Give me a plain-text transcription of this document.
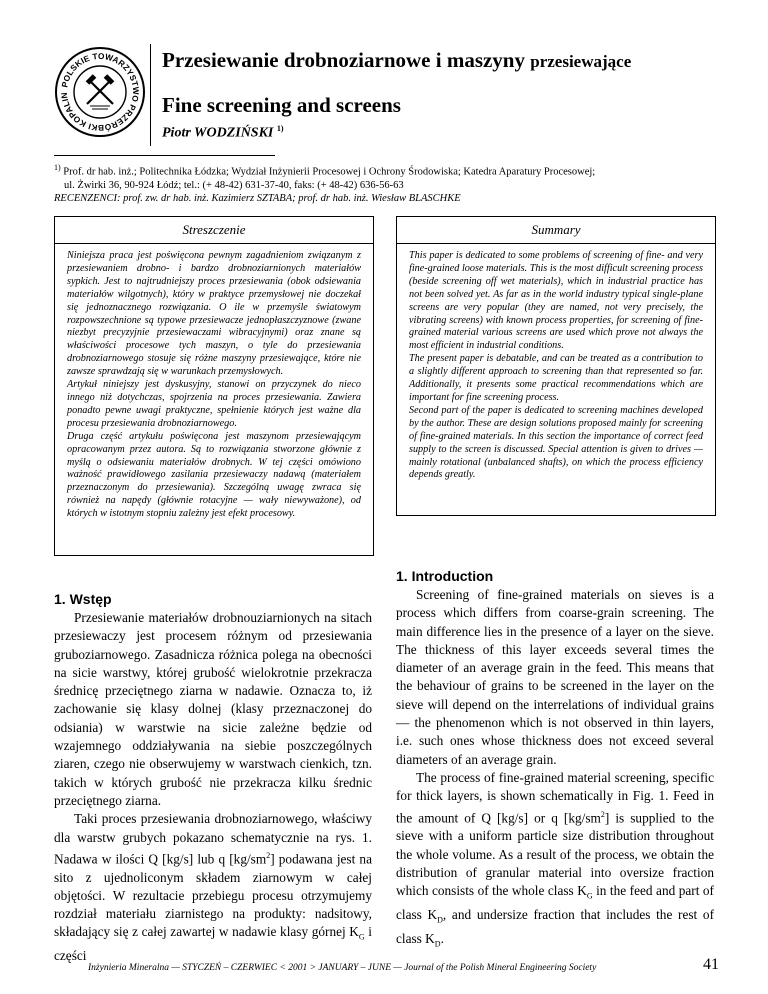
POLSKIE TOWARZYSTWO PRZERÓBKI KOPALIN
Przesiewanie drobnoziarnowe i maszyny przesiewające
Fine screening and screens
Piotr WODZIŃSKI $^{1)}$
$^{1)}$ Prof. dr hab. inż.; Politechnika Łódzka; Wydział Inżynierii Procesowej i Ochrony Środowiska; Katedra Aparatury Procesowej;
ul. Żwirki 36, 90-924 Łódź; tel.: (+ 48-42) 631-37-40, faks: (+ 48-42) 636-56-63
RECENZENCI: prof. zw. dr hab. inż. Kazimierz SZTABA; prof. dr hab. inż. Wiesław BLASCHKE
Streszczenie

Niniejsza praca jest poświęcona pewnym zagadnieniom związanym z przesiewaniem drobno- i bardzo drobnoziarnionych materiałów sypkich. Jest to najtrudniejszy proces przesiewania (obok odsiewania materiałów wilgotnych), który w praktyce przemysłowej nie doczekał się jednoznacznego rozwiązania. O ile w przemyśle światowym rozpowszechnione są typowe przesiewacze jednopłaszczyznowe (zwane niezbyt precyzyjnie przesiewaczami wibracyjnymi) oraz znane są właściwości procesowe tych maszyn, o tyle do przesiewania drobnoziarnowego stosuje się różne maszyny przesiewające, które nie zawsze sprawdzają się w warunkach przemysłowych.

Artykuł niniejszy jest dyskusyjny, stanowi on przyczynek do nieco innego niż dotychczas, spojrzenia na proces przesiewania. Zawiera ponadto pewne uwagi praktyczne, spełnienie których jest ważne dla procesu przesiewania drobnoziarnowego.

Druga część artykułu poświęcona jest maszynom przesiewającym opracowanym przez autora. Są to rozwiązania stworzone głównie z myślą o odsiewaniu materiałów drobnych. W tej części omówiono ważność prawidłowego zasilania przesiewaczy nadawą (materiałem przeznaczonym do przesiewania). Szczególną uwagę zwraca się również na napędy (głównie rotacyjne — wały niewyważone), od których w istotnym stopniu zależny jest efekt procesowy.

Summary

This paper is dedicated to some problems of screening of fine- and very fine-grained loose materials. This is the most difficult screening process (beside screening off wet materials), which in industrial practice has not been solved yet. As far as in the world industry typical single-plane screens are very popular (they are named, not very precisely, the vibrating screens) with known process properties, for screening of fine-grained material various screens are used which prove not always the most efficient in industrial conditions.

The present paper is debatable, and can be treated as a contribution to a slightly different approach to screening than that represented so far. Additionally, it presents some practical recommendations which are important for fine screening process.

Second part of the paper is dedicated to screening machines developed by the author. These are design solutions proposed mainly for screening of fine-grained materials. In this section the importance of correct feed supply to the screen is discussed. Special attention is given to drives — mainly rotational (unbalanced shafts), on which the process efficiency depends greatly.

1. Wstęp

Przesiewanie materiałów drobnouziarnionych na sitach przesiewaczy jest procesem różnym od przesiewania gruboziarnowego. Zasadnicza różnica polega na obecności na sicie warstwy, której grubość wielokrotnie przekracza średnicę przeciętnego ziarna w nadawie. Oznacza to, iż zachowanie się klasy dolnej (klasy przeznaczonej do odsiania) w warstwie na sicie zależne będzie od wzajemnego oddziaływania na siebie poszczególnych ziaren, czego nie obserwujemy w warstwach cienkich, tzn. takich w których grubość nie przekracza kilku średnic przeciętnego ziarna.

Taki proces przesiewania drobnoziarnowego, właściwy dla warstw grubych pokazano schematycznie na rys. 1. Nadawa w ilości Q [kg/s] lub q $[kg/sm^2]$ podawana jest na sito z ujednoliconym składem ziarnowym w całej objętości. W rezultacie przebiegu procesu otrzymujemy rozdział materiału ziarnistego na produkty: nadsitowy, składający się z całej zawartej w nadawie klasy górnej $K_G$ i części

1. Introduction

Screening of fine-grained materials on sieves is a process which differs from coarse-grain screening. The main difference lies in the presence of a layer on the sieve. The thickness of this layer exceeds several times the diameter of an average grain in the feed. This means that the behaviour of grains to be screened in the layer on the sieve will depend on the interrelations of individual grains — the phenomenon which is not observed in thin layers, i.e. such ones whose thickness does not exceed several diameters of an average grain.

The process of fine-grained material screening, specific for thick layers, is shown schematically in Fig. 1. Feed in the amount of Q [kg/s] or q $[kg/sm^2]$ is supplied to the sieve with a uniform particle size distribution throughout the whole volume. As a result of the process, we obtain the distribution of granular material into oversize fraction which consists of the whole class $K_G$ in the feed and part of class $K_D$, and undersize fraction that includes the rest of class $K_D$.

Inżynieria Mineralna — STYCZEŃ – CZERWIEC < 2001 > JANUARY – JUNE — Journal of the Polish Mineral Engineering Society	41
